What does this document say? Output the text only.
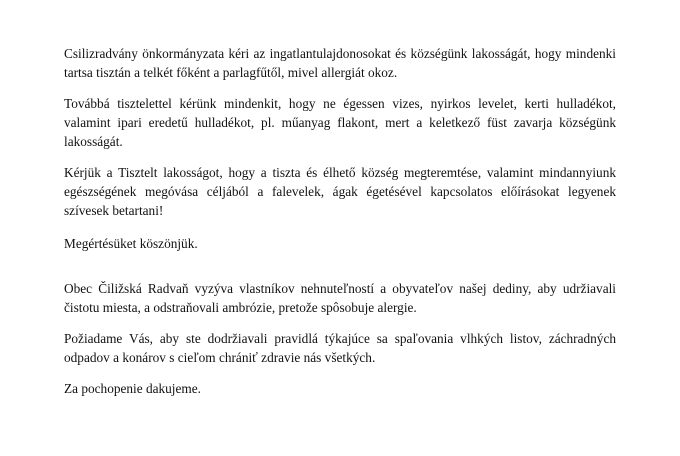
Csilizradvány önkormányzata kéri az ingatlantulajdonosokat és községünk lakosságát, hogy mindenki tartsa tisztán a telkét főként a parlagfűtől, mivel allergiát okoz.

Továbbá tisztelettel kérünk mindenkit, hogy ne égessen vizes, nyirkos levelet, kerti hulladékot, valamint ipari eredetű hulladékot, pl. műanyag flakont, mert a keletkező füst zavarja községünk lakosságát.

Kérjük a Tisztelt lakosságot, hogy a tiszta és élhető község megteremtése, valamint mindannyiunk egészségének megóvása céljából a falevelek, ágak égetésével kapcsolatos előírásokat legyenek szívesek betartani!

Megértésüket köszönjük.

Obec Čiližská Radvaň vyzýva vlastníkov nehnuteľností a obyvateľov našej dediny, aby udržiavali čistotu miesta, a odstraňovali ambrózie, pretože spôsobuje alergie.

Požiadame Vás, aby ste dodržiavali pravidlá týkajúce sa spaľovania vlhkých listov, záchradných odpadov a konárov s cieľom chrániť zdravie nás všetkých.

Za pochopenie dakujeme.
